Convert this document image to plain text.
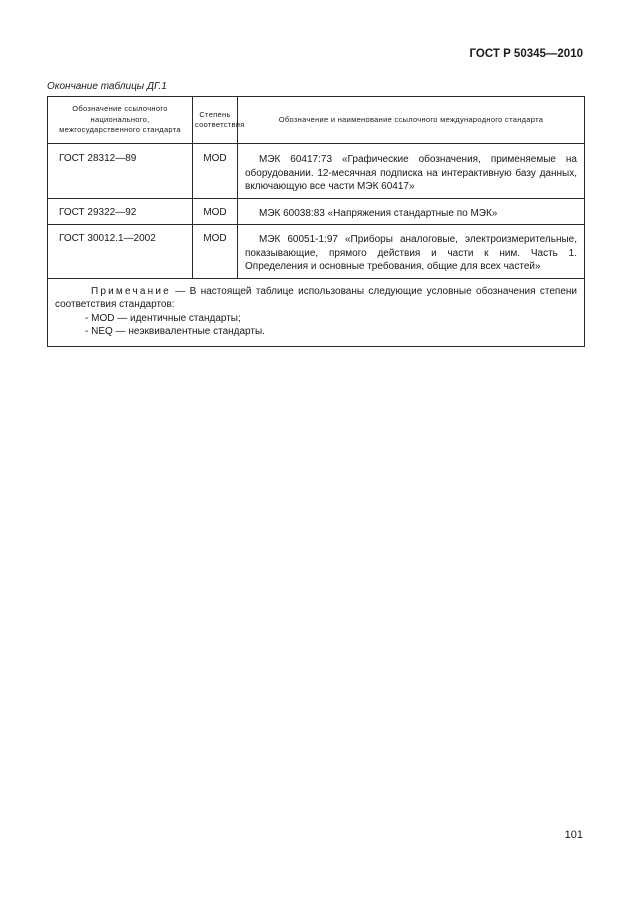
ГОСТ Р 50345—2010
Окончание таблицы ДГ.1
Обозначение ссылочного национального, межгосударственного стандарта	Степень соответствия	Обозначение и наименование ссылочного международного стандарта
ГОСТ 28312—89	MOD	МЭК 60417:73 «Графические обозначения, применяемые на оборудовании. 12-месячная подписка на интерактивную базу данных, включающую все части МЭК 60417»

ГОСТ 29322—92	MOD	МЭК 60038:83 «Напряжения стандартные по МЭК»

ГОСТ 30012.1—2002	MOD	МЭК 60051-1:97 «Приборы аналоговые, электроизмерительные, показывающие, прямого действия и части к ним. Часть 1. Определения и основные требования, общие для всех частей»

Примечание — В настоящей таблице использованы следующие условные обозначения степени соответствия стандартов:
- MOD — идентичные стандарты;
- NEQ — неэквивалентные стандарты.		
101
